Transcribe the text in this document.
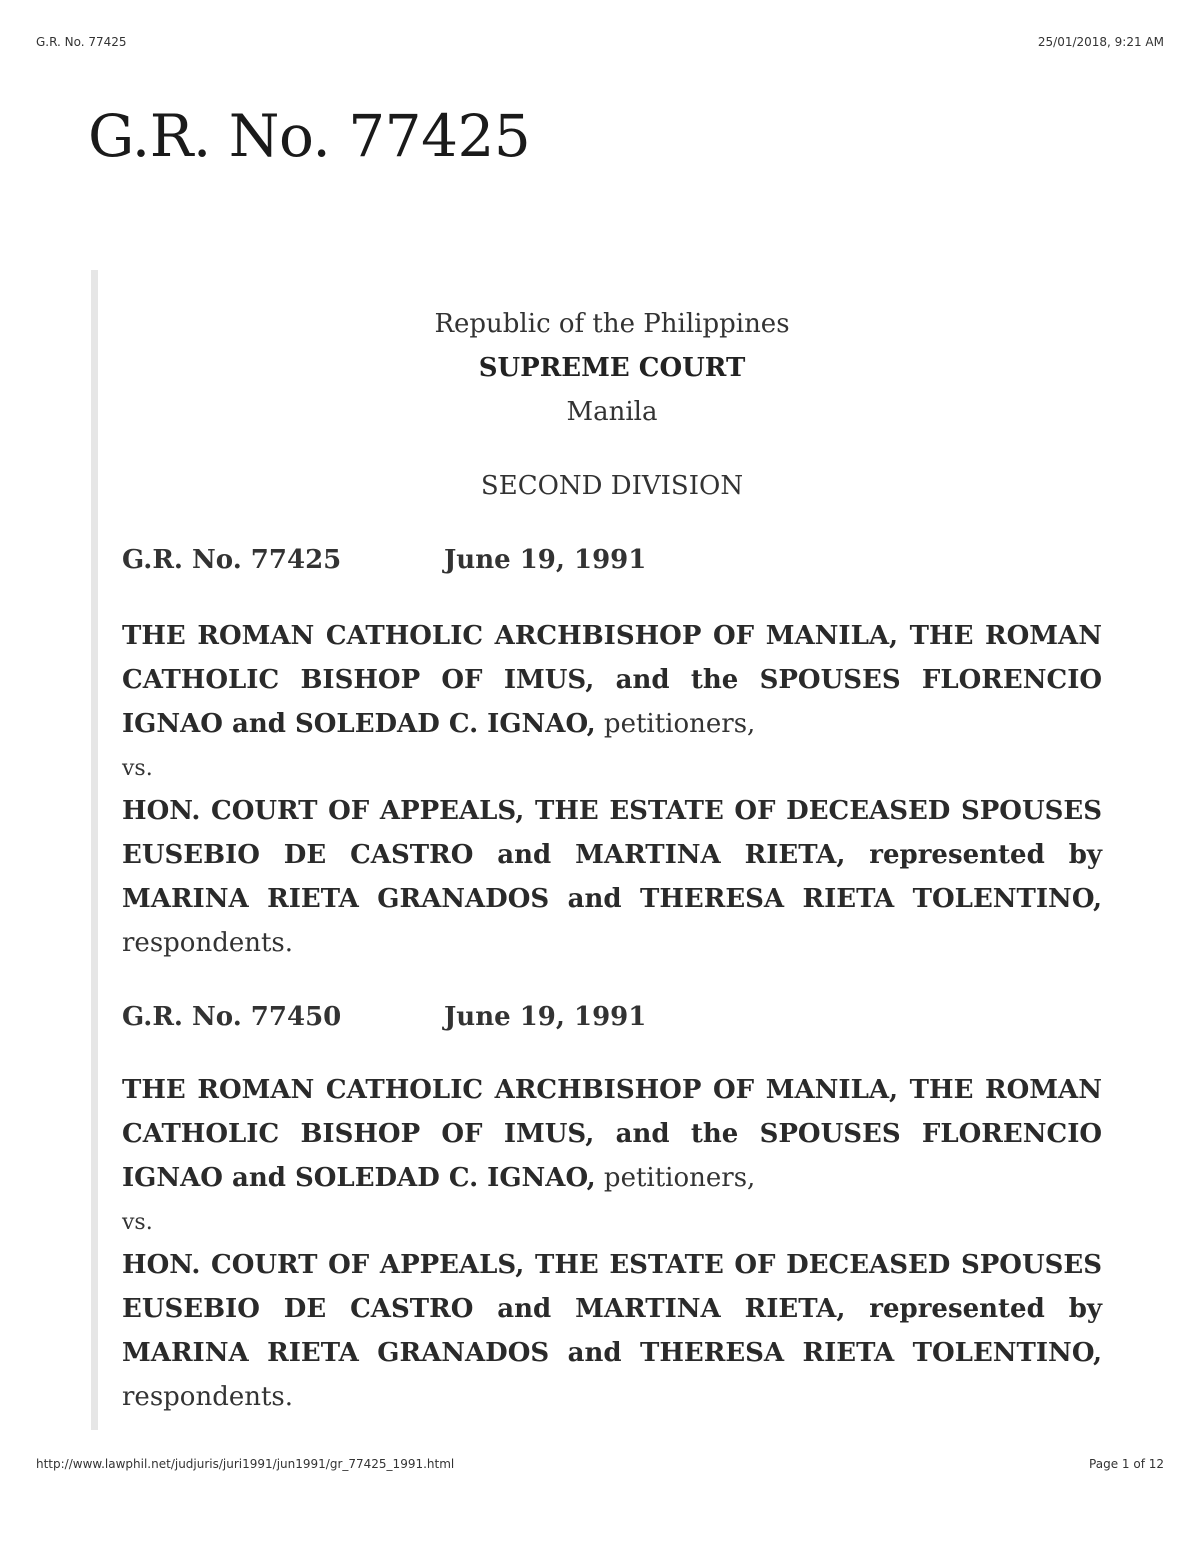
G.R. No. 77425	25/01/2018, 9:21 AM
G.R. No. 77425
Republic of the Philippines
SUPREME COURT
Manila
SECOND DIVISION
G.R. No. 77425	June 19, 1991

THE ROMAN CATHOLIC ARCHBISHOP OF MANILA, THE ROMAN CATHOLIC BISHOP OF IMUS, and the SPOUSES FLORENCIO IGNAO and SOLEDAD C. IGNAO, petitioners,

vs.

HON. COURT OF APPEALS, THE ESTATE OF DECEASED SPOUSES EUSEBIO DE CASTRO and MARTINA RIETA, represented by MARINA RIETA GRANADOS and THERESA RIETA TOLENTINO, respondents.

G.R. No. 77450	June 19, 1991

THE ROMAN CATHOLIC ARCHBISHOP OF MANILA, THE ROMAN CATHOLIC BISHOP OF IMUS, and the SPOUSES FLORENCIO IGNAO and SOLEDAD C. IGNAO, petitioners,

vs.

HON. COURT OF APPEALS, THE ESTATE OF DECEASED SPOUSES EUSEBIO DE CASTRO and MARTINA RIETA, represented by MARINA RIETA GRANADOS and THERESA RIETA TOLENTINO, respondents.

http://www.lawphil.net/judjuris/juri1991/jun1991/gr_77425_1991.html	Page 1 of 12
